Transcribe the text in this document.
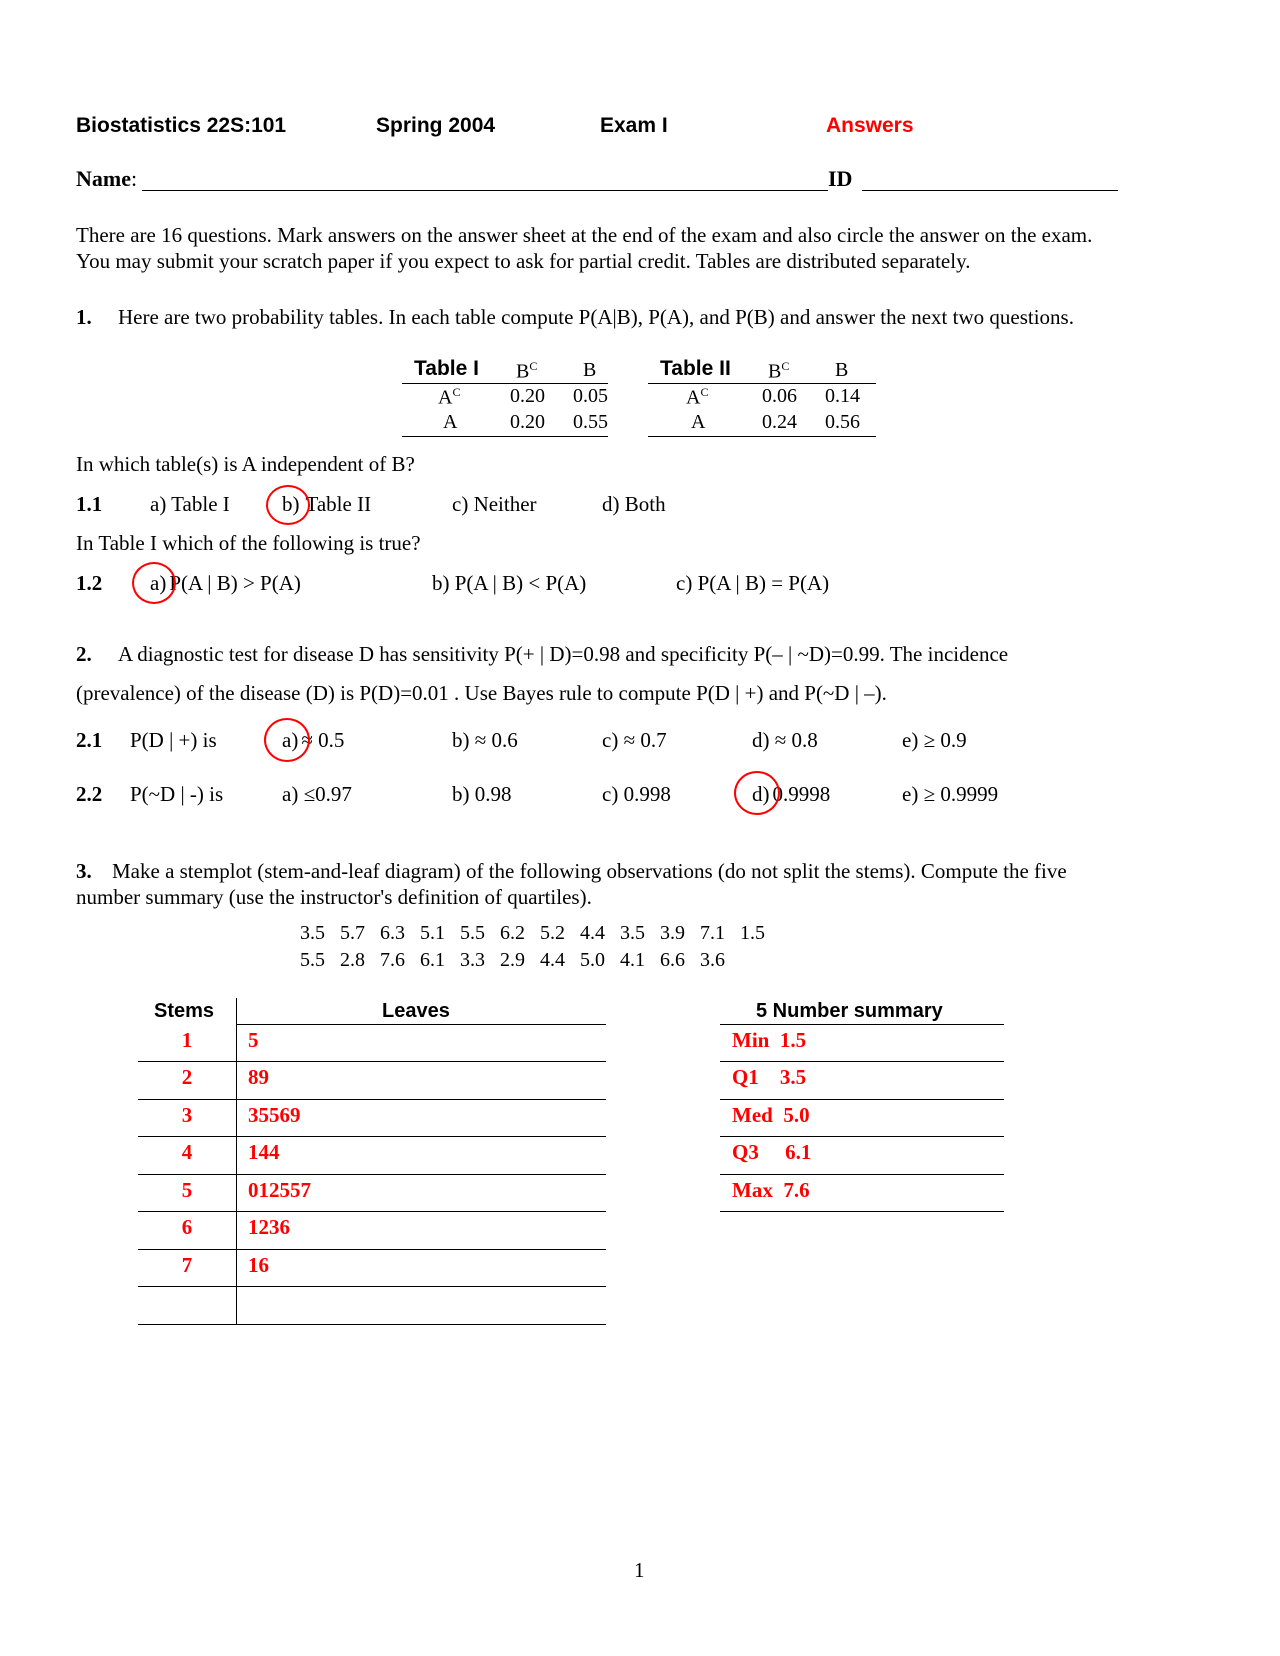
Biostatistics 22S:101	Spring 2004	Exam I	Answers
Name:	ID
There are 16 questions. Mark answers on the answer sheet at the end of the exam and also circle the answer on the exam.
You may submit your scratch paper if you expect to ask for partial credit. Tables are distributed separately.
1. Here are two probability tables. In each table compute P(A|B), P(A), and P(B) and answer the next two questions.
Table I $B^C$ B
$A^C$ 0.20 0.05
A	0.20 0.55
Table II $B^C$ B
$A^C$	0.06 0.14
A	0.24 0.56
In which table(s) is A independent of B?
1.1 a) Table I b) Table II	c) Neither	d) Both
In Table I which of the following is true?
1.2 a) P(A | B) > P(A)	b) P(A | B) < P(A)	c) P(A | B) = P(A)
2. A diagnostic test for disease D has sensitivity P(+ | D)=0.98 and specificity P(– | ~D)=0.99. The incidence
(prevalence) of the disease (D) is P(D)=0.01 . Use Bayes rule to compute P(D | +) and P(~D | –).
2.1 P(D | +) is	a) ≈ 0.5	b) ≈ 0.6	c) ≈ 0.7	d) ≈ 0.8	e) ≥ 0.9
2.2 P(~D | -) is	a) ≤0.97	b) 0.98	c) 0.998	d) 0.9998	e) ≥ 0.9999
3. Make a stemplot (stem-and-leaf diagram) of the following observations (do not split the stems). Compute the five
number summary (use the instructor's definition of quartiles).
3.5   5.7   6.3   5.1   5.5   6.2   5.2   4.4   3.5   3.9   7.1   1.5
5.5   2.8   7.6   6.1   3.3   2.9   4.4   5.0   4.1   6.6   3.6
Stems	Leaves
1	5
2	89
3	35569
4	144
5	012557
6	1236
7	16
5 Number summary
Min  1.5
Q1    3.5
Med  5.0
Q3     6.1
Max  7.6
1
